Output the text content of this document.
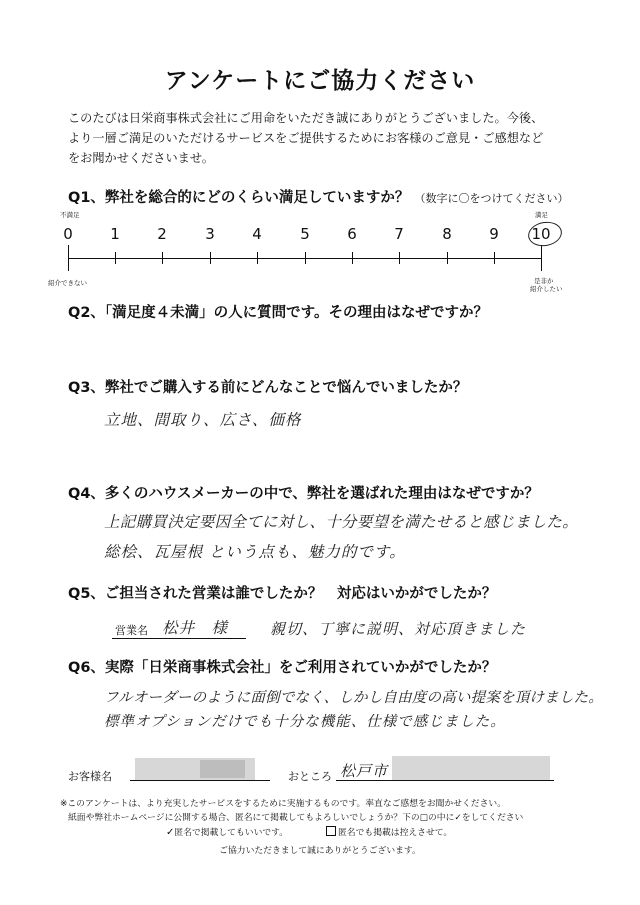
アンケートにご協力ください
このたびは日栄商事株式会社にご用命をいただき誠にありがとうございました。今後、
より一層ご満足のいただけるサービスをご提供するためにお客様のご意見・ご感想など
をお聞かせくださいませ。
Q1、弊社を総合的にどのくらい満足していますか？ （数字に〇をつけてください）
不満足	満足
0	1	2	3	4	5	6	7	8	9	10
紹介できない	是非か
紹介したい
Q2、「満足度４未満」の人に質問です。その理由はなぜですか？
Q3、弊社でご購入する前にどんなことで悩んでいましたか？
立地、間取り、広さ、価格
Q4、多くのハウスメーカーの中で、弊社を選ばれた理由はなぜですか？
上記購買決定要因全てに対し、十分要望を満たせると感じました。
総桧、瓦屋根 という点も、魅力的です。
Q5、ご担当された営業は誰でしたか？　対応はいかがでしたか？
営業名 松井　様	親切、丁寧に説明、対応頂きました
Q6、実際「日栄商事株式会社」をご利用されていかがでしたか？
フルオーダーのように面倒でなく、しかし自由度の高い提案を頂けました。
標準オプションだけでも十分な機能、仕様で感じました。
お客様名	おところ 松戸市
※このアンケートは、より充実したサービスをするために実施するものです。率直なご感想をお聞かせください。
紙面や弊社ホームページに公開する場合、匿名にて掲載してもよろしいでしょうか？下の□の中に✓をしてください
✓匿名で掲載してもいいです。	匿名でも掲載は控えさせて。
ご協力いただきまして誠にありがとうございます。
